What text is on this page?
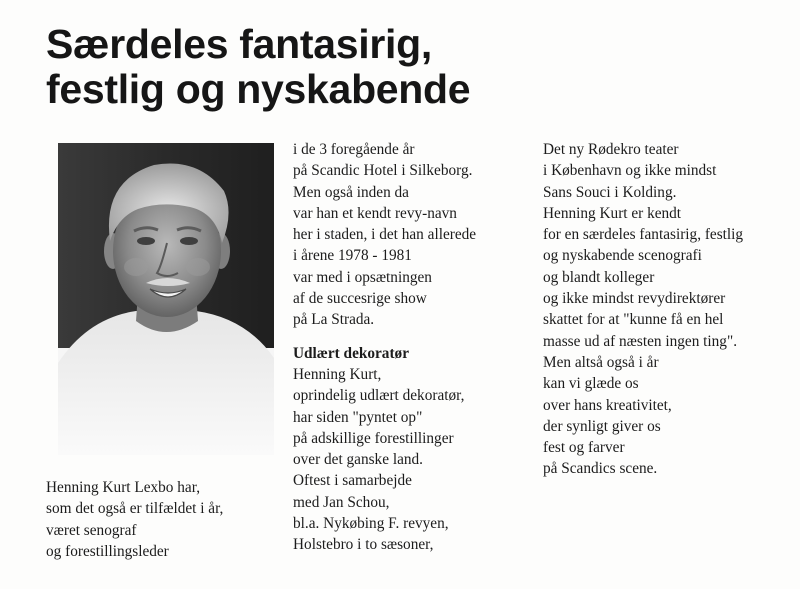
Særdeles fantasirig,
festlig og nyskabende
Henning Kurt Lexbo har,
som det også er tilfældet i år,
været senograf
og forestillingsleder
i de 3 foregående år
på Scandic Hotel i Silkeborg.
Men også inden da
var han et kendt revy-navn
her i staden, i det han allerede
i årene 1978 - 1981
var med i opsætningen
af de succesrige show
på La Strada.
Udlært dekoratør
Henning Kurt,
oprindelig udlært dekoratør,
har siden "pyntet op"
på adskillige forestillinger
over det ganske land.
Oftest i samarbejde
med Jan Schou,
bl.a. Nykøbing F. revyen,
Holstebro i to sæsoner,
Det ny Rødekro teater
i København og ikke mindst
Sans Souci i Kolding.
Henning Kurt er kendt
for en særdeles fantasirig, festlig
og nyskabende scenografi
og blandt kolleger
og ikke mindst revydirektører
skattet for at "kunne få en hel
masse ud af næsten ingen ting".
Men altså også i år
kan vi glæde os
over hans kreativitet,
der synligt giver os
fest og farver
på Scandics scene.
